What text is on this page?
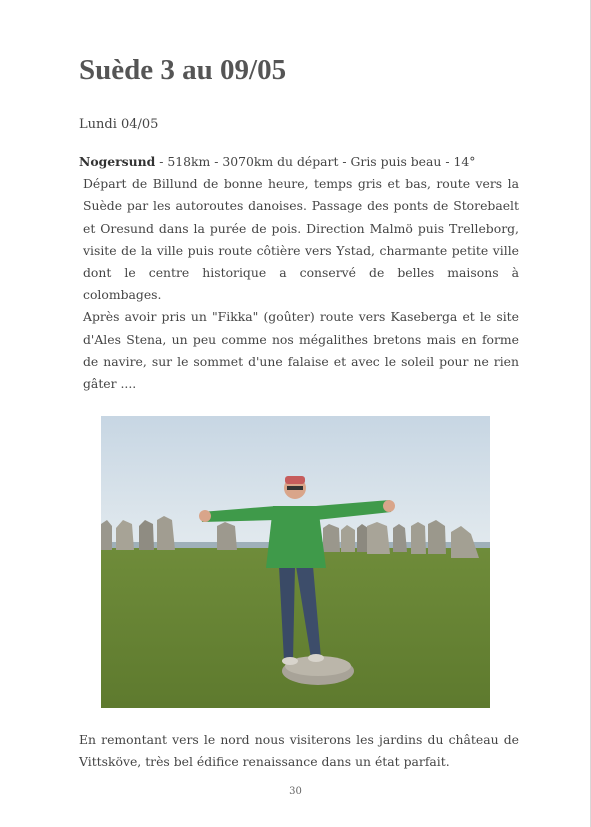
Suède 3 au 09/05
Lundi 04/05

Nogersund - 518km - 3070km du départ - Gris puis beau - 14°

Départ de Billund de bonne heure, temps gris et bas, route vers la Suède par les autoroutes danoises. Passage des ponts de Storebaelt et Oresund dans la purée de pois. Direction Malmö puis Trelleborg, visite de la ville puis route côtière vers Ystad, charmante petite ville dont le centre historique a conservé de belles maisons à colombages.

Après avoir pris un "Fikka" (goûter) route vers Kaseberga et le site d'Ales Stena, un peu comme nos mégalithes bretons mais en forme de navire, sur le sommet d'une falaise et avec le soleil pour ne rien gâter ....

En remontant vers le nord nous visiterons les jardins du château de Vittsköve, très bel édifice renaissance dans un état parfait.

30
